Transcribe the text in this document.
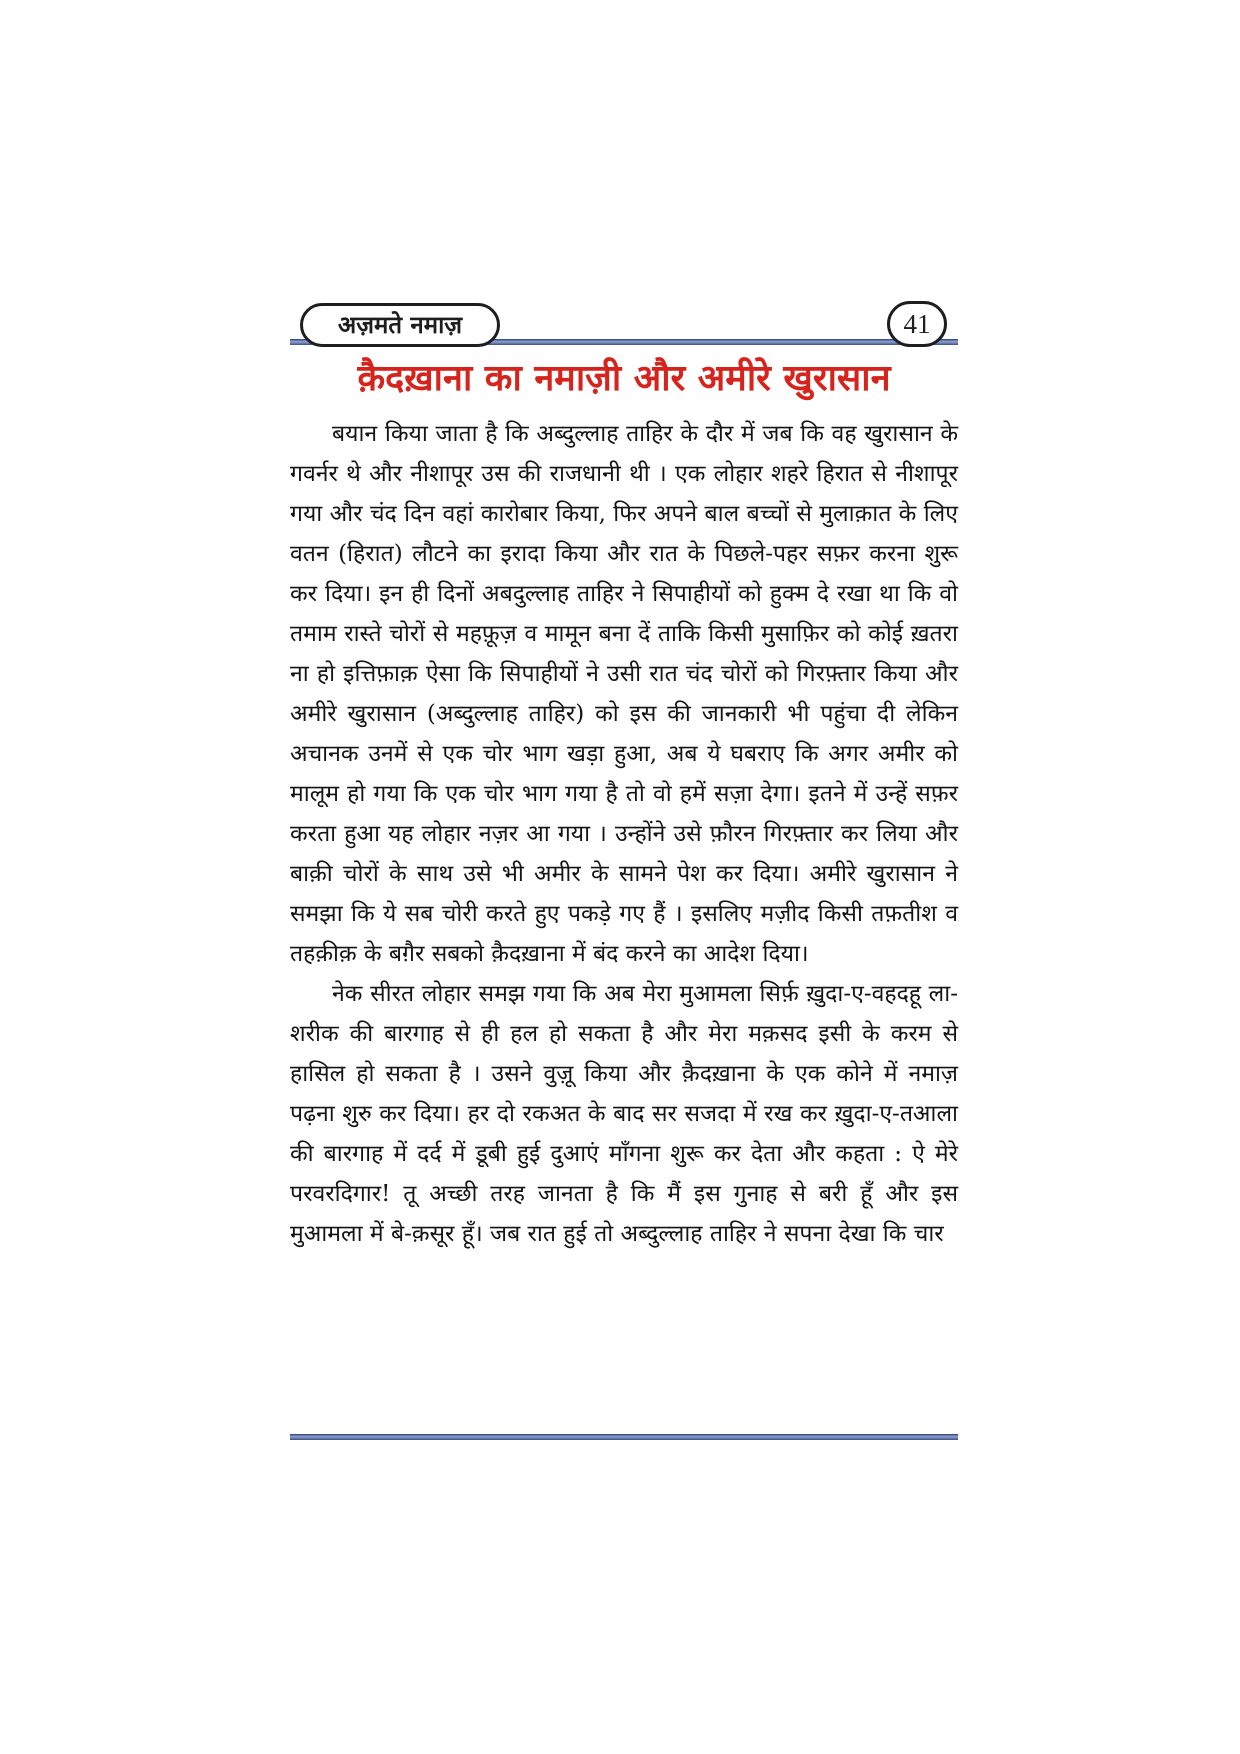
अज़मते नमाज़	41
क़ैदख़ाना का नमाज़ी और अमीरे खुरासान

बयान किया जाता है कि अब्दुल्लाह ताहिर के दौर में जब कि वह खुरासान के गवर्नर थे और नीशापूर उस की राजधानी थी । एक लोहार शहरे हिरात से नीशापूर गया और चंद दिन वहां कारोबार किया, फिर अपने बाल बच्चों से मुलाक़ात के लिए वतन (हिरात) लौटने का इरादा किया और रात के पिछले-पहर सफ़र करना शुरू कर दिया। इन ही दिनों अबदुल्लाह ताहिर ने सिपाहीयों को हुक्म दे रखा था कि वो तमाम रास्ते चोरों से महफ़ूज़ व मामून बना दें ताकि किसी मुसाफ़िर को कोई ख़तरा ना हो इत्तिफ़ाक़ ऐसा कि सिपाहीयों ने उसी रात चंद चोरों को गिरफ़्तार किया और अमीरे खुरासान (अब्दुल्लाह ताहिर) को इस की जानकारी भी पहुंचा दी लेकिन अचानक उनमें से एक चोर भाग खड़ा हुआ, अब ये घबराए कि अगर अमीर को मालूम हो गया कि एक चोर भाग गया है तो वो हमें सज़ा देगा। इतने में उन्हें सफ़र करता हुआ यह लोहार नज़र आ गया । उन्होंने उसे फ़ौरन गिरफ़्तार कर लिया और बाक़ी चोरों के साथ उसे भी अमीर के सामने पेश कर दिया। अमीरे खुरासान ने समझा कि ये सब चोरी करते हुए पकड़े गए हैं । इसलिए मज़ीद किसी तफ़तीश व तहक़ीक़ के बग़ैर सबको क़ैदख़ाना में बंद करने का आदेश दिया।

नेक सीरत लोहार समझ गया कि अब मेरा मुआमला सिर्फ़ ख़ुदा-ए-वहदहू ला-शरीक की बारगाह से ही हल हो सकता है और मेरा मक़सद इसी के करम से हासिल हो सकता है । उसने वुज़ू किया और क़ैदख़ाना के एक कोने में नमाज़ पढ़ना शुरु कर दिया। हर दो रकअत के बाद सर सजदा में रख कर ख़ुदा-ए-तआला की बारगाह में दर्द में डूबी हुई दुआएं माँगना शुरू कर देता और कहता : ऐ मेरे परवरदिगार! तू अच्छी तरह जानता है कि मैं इस गुनाह से बरी हूँ और इस मुआमला में बे-क़सूर हूँ। जब रात हुई तो अब्दुल्लाह ताहिर ने सपना देखा कि चार
